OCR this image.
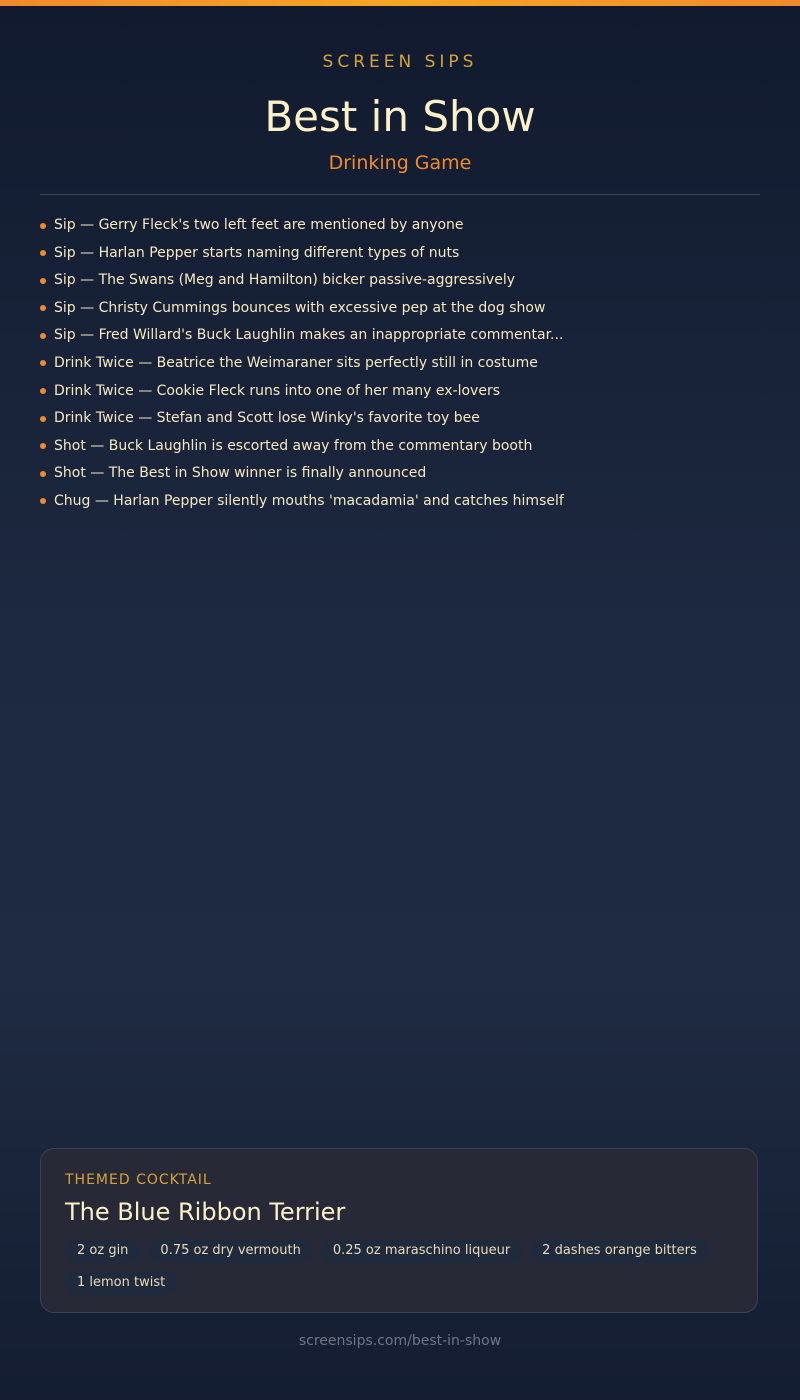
SCREEN SIPS
Best in Show
Drinking Game
Sip — Gerry Fleck's two left feet are mentioned by anyone
Sip — Harlan Pepper starts naming different types of nuts
Sip — The Swans (Meg and Hamilton) bicker passive-aggressively
Sip — Christy Cummings bounces with excessive pep at the dog show
Sip — Fred Willard's Buck Laughlin makes an inappropriate commentar...
Drink Twice — Beatrice the Weimaraner sits perfectly still in costume
Drink Twice — Cookie Fleck runs into one of her many ex-lovers
Drink Twice — Stefan and Scott lose Winky's favorite toy bee
Shot — Buck Laughlin is escorted away from the commentary booth
Shot — The Best in Show winner is finally announced
Chug — Harlan Pepper silently mouths 'macadamia' and catches himself
THEMED COCKTAIL
The Blue Ribbon Terrier
2 oz gin	0.75 oz dry vermouth	0.25 oz maraschino liqueur	2 dashes orange bitters
1 lemon twist
screensips.com/best-in-show
